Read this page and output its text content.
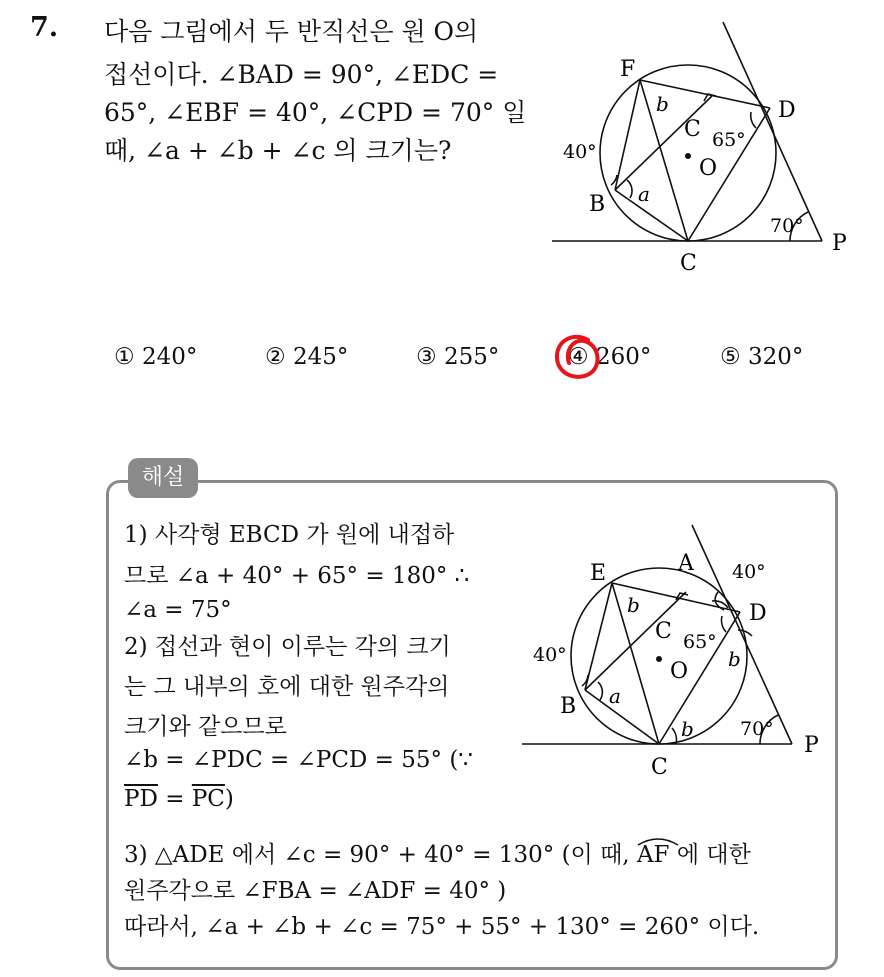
7. 다음 그림에서 두 반직선은 원 O의
접선이다. ∠BAD = 90°, ∠EDC =
65°, ∠EBF = 40°, ∠CPD = 70° 일
때, ∠a + ∠b + ∠c 의 크기는?
F
D
C
O
B
C
P
a
b
40°
65°
70°
① 240°	② 245°	③ 255°	④ 260°	⑤ 320°
해설
1) 사각형 EBCD 가 원에 내접하
므로 ∠a + 40° + 65° = 180° ∴
∠a = 75°
2) 접선과 현이 이루는 각의 크기
는 그 내부의 호에 대한 원주각의
크기와 같으므로
∠b = ∠PDC = ∠PCD = 55° (∵
$\overline{PD} = \overline{PC}$)
3) △ADE 에서 ∠c = 90° + 40° = 130° (이 때,
AF 에 대한
원주각으로 ∠FBA = ∠ADF = 40° )
따라서, ∠a + ∠b + ∠c = 75° + 55° + 130° = 260° 이다.
E	A
D
C
O
B
C
P
a
b
b
b
40°
40°
65°
70°
